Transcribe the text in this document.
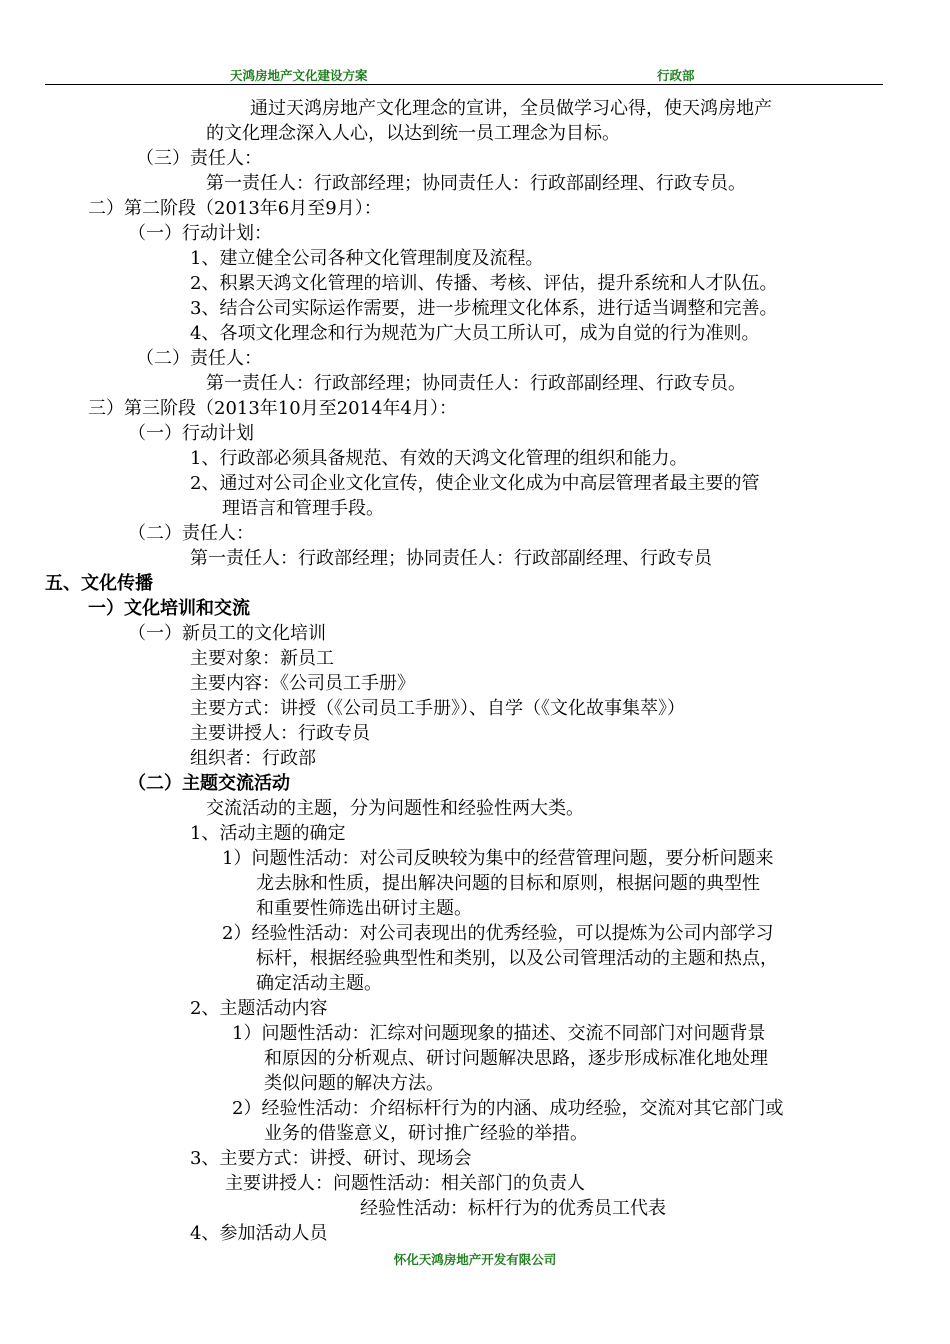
天鸿房地产文化建设方案	行政部
通过天鸿房地产文化理念的宣讲，全员做学习心得，使天鸿房地产
的文化理念深入人心，以达到统一员工理念为目标。
（三）责任人：
第一责任人：行政部经理；协同责任人：行政部副经理、行政专员。
二）第二阶段（2013年6月至9月）：
（一）行动计划：
1、建立健全公司各种文化管理制度及流程。
2、积累天鸿文化管理的培训、传播、考核、评估，提升系统和人才队伍。
3、结合公司实际运作需要，进一步梳理文化体系，进行适当调整和完善。
4、各项文化理念和行为规范为广大员工所认可，成为自觉的行为准则。
（二）责任人：
第一责任人：行政部经理；协同责任人：行政部副经理、行政专员。
三）第三阶段（2013年10月至2014年4月）：
（一）行动计划
1、行政部必须具备规范、有效的天鸿文化管理的组织和能力。
2、通过对公司企业文化宣传，使企业文化成为中高层管理者最主要的管
理语言和管理手段。
（二）责任人：
第一责任人：行政部经理；协同责任人：行政部副经理、行政专员
五、文化传播
一）文化培训和交流
（一）新员工的文化培训
主要对象：新员工
主要内容：《公司员工手册》
主要方式：讲授（《公司员工手册》）、自学（《文化故事集萃》）
主要讲授人：行政专员
组织者：行政部
（二）主题交流活动
交流活动的主题，分为问题性和经验性两大类。
1、活动主题的确定
1）问题性活动：对公司反映较为集中的经营管理问题，要分析问题来
龙去脉和性质，提出解决问题的目标和原则，根据问题的典型性
和重要性筛选出研讨主题。
2）经验性活动：对公司表现出的优秀经验，可以提炼为公司内部学习
标杆，根据经验典型性和类别，以及公司管理活动的主题和热点，
确定活动主题。
2、主题活动内容
1）问题性活动：汇综对问题现象的描述、交流不同部门对问题背景
和原因的分析观点、研讨问题解决思路，逐步形成标准化地处理
类似问题的解决方法。
2）经验性活动：介绍标杆行为的内涵、成功经验，交流对其它部门或
业务的借鉴意义，研讨推广经验的举措。
3、主要方式：讲授、研讨、现场会
主要讲授人：问题性活动：相关部门的负责人
经验性活动：标杆行为的优秀员工代表
4、参加活动人员
怀化天鸿房地产开发有限公司
